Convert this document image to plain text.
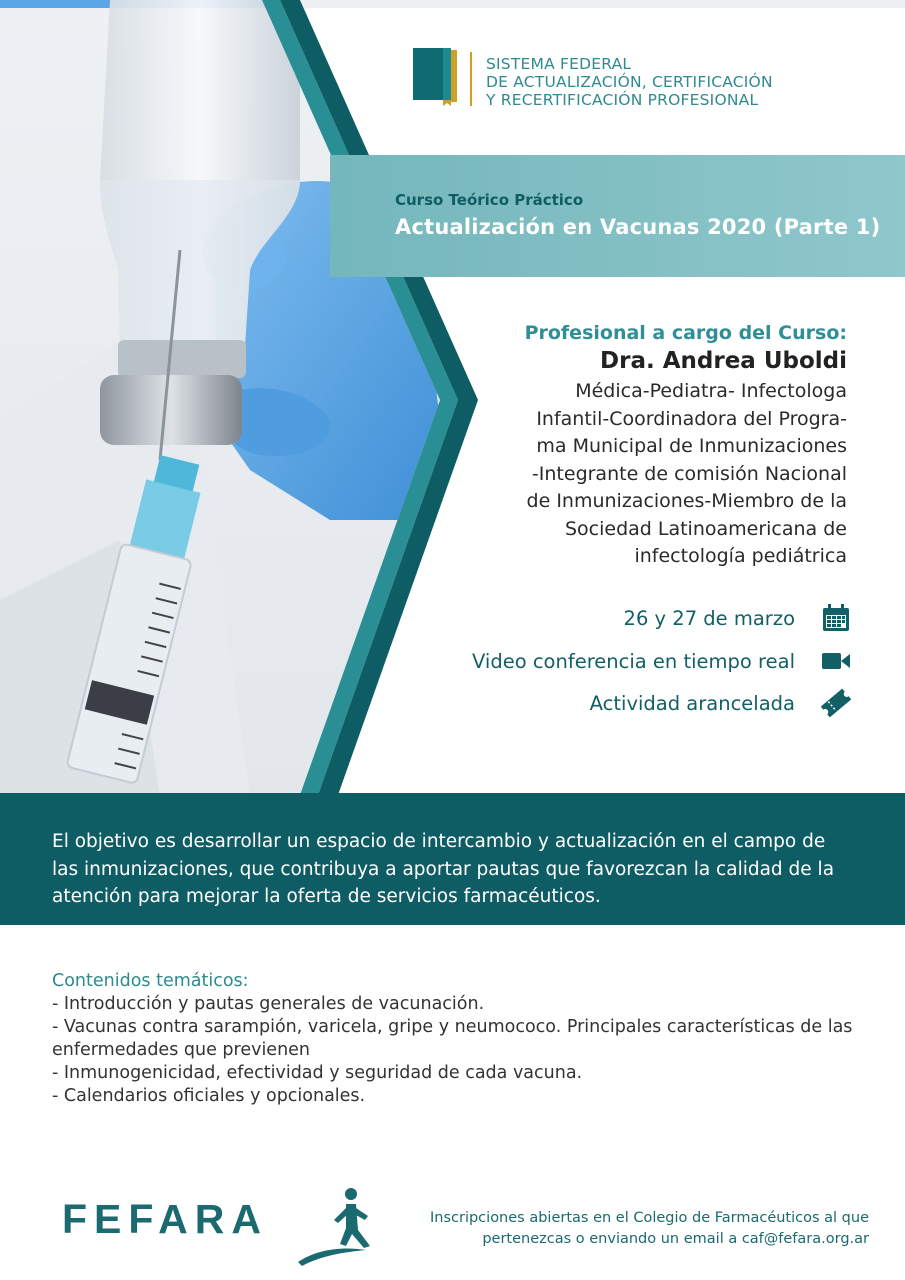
SISTEMA FEDERAL
DE ACTUALIZACIÓN, CERTIFICACIÓN
Y RECERTIFICACIÓN PROFESIONAL
Curso Teórico Práctico
Actualización en Vacunas 2020 (Parte 1)
Profesional a cargo del Curso:
Dra. Andrea Uboldi
Médica-Pediatra- Infectologa
Infantil-Coordinadora del Progra-
ma Municipal de Inmunizaciones
-Integrante de comisión Nacional
de Inmunizaciones-Miembro de la
Sociedad Latinoamericana de
infectología pediátrica
26 y 27 de marzo
Video conferencia en tiempo real
Actividad arancelada
El objetivo es desarrollar un espacio de intercambio y actualización en el campo de
las inmunizaciones, que contribuya a aportar pautas que favorezcan la calidad de la
atención para mejorar la oferta de servicios farmacéuticos.
Contenidos temáticos:
- Introducción y pautas generales de vacunación.
- Vacunas contra sarampión, varicela, gripe y neumococo. Principales características de las
enfermedades que previenen
- Inmunogenicidad, efectividad y seguridad de cada vacuna.
- Calendarios oficiales y opcionales.
FEFARA	Inscripciones abiertas en el Colegio de Farmacéuticos al que
pertenezcas o enviando un email a caf@fefara.org.ar
